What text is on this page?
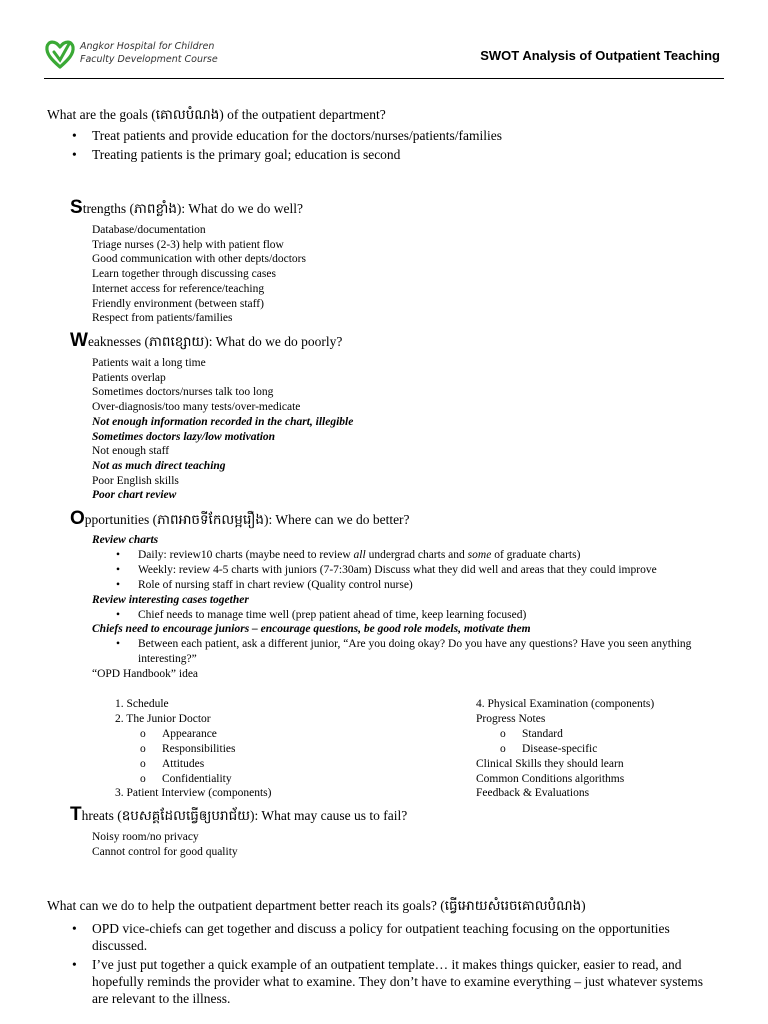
Angkor Hospital for Children
Faculty Development Course	SWOT Analysis of Outpatient Teaching
What are the goals (គោលបំណង) of the outpatient department?
• Treat patients and provide education for the doctors/nurses/patients/families
• Treating patients is the primary goal; education is second
Strengths (ភាពខ្លាំង): What do we do well?
Database/documentation
Triage nurses (2-3) help with patient flow
Good communication with other depts/doctors
Learn together through discussing cases
Internet access for reference/teaching
Friendly environment (between staff)
Respect from patients/families
Weaknesses (ភាពខ្សោយ): What do we do poorly?
Patients wait a long time
Patients overlap
Sometimes doctors/nurses talk too long
Over-diagnosis/too many tests/over-medicate
Not enough information recorded in the chart, illegible
Sometimes doctors lazy/low motivation
Not enough staff
Not as much direct teaching
Poor English skills
Poor chart review
Opportunities (ភាពអាចទីកែលម្អរឿង): Where can we do better?
Review charts
• Daily: review10 charts (maybe need to review all undergrad charts and some of graduate charts)
• Weekly: review 4-5 charts with juniors (7-7:30am) Discuss what they did well and areas that they could improve
• Role of nursing staff in chart review (Quality control nurse)
Review interesting cases together
• Chief needs to manage time well (prep patient ahead of time, keep learning focused)
Chiefs need to encourage juniors – encourage questions, be good role models, motivate them
• Between each patient, ask a different junior, “Are you doing okay? Do you have any questions? Have you seen anything interesting?”
“OPD Handbook” idea
1. Schedule
2. The Junior Doctor
o Appearance
o Responsibilities
o Attitudes
o Confidentiality
3. Patient Interview (components)
4. Physical Examination (components)
Progress Notes
o Standard
o Disease-specific
Clinical Skills they should learn
Common Conditions algorithms
Feedback & Evaluations
Threats (ឧបសគ្គដែលធ្វើឲ្យបរាជ័យ): What may cause us to fail?
Noisy room/no privacy
Cannot control for good quality
What can we do to help the outpatient department better reach its goals? (ធ្វើអោយសំរេចគោលបំណង)
• OPD vice-chiefs can get together and discuss a policy for outpatient teaching focusing on the opportunities discussed.
• I’ve just put together a quick example of an outpatient template… it makes things quicker, easier to read, and hopefully reminds the provider what to examine. They don’t have to examine everything – just whatever systems are relevant to the illness.
